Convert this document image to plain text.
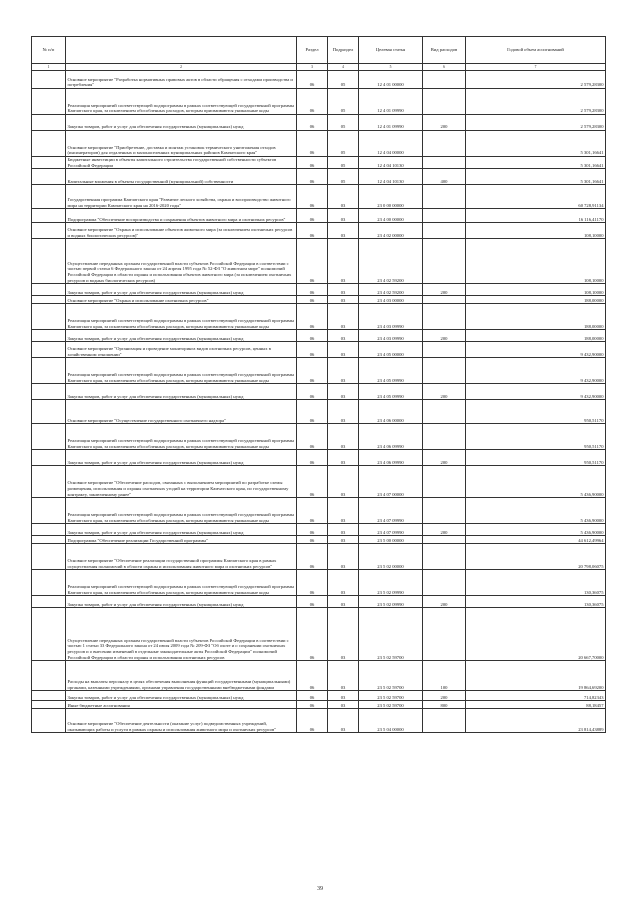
№ п/п		Раздел	Подраздел	Целевая статья	Вид расходов	Годовой объем ассигнований
1	2	3	4	5	6	7
	Основное мероприятие "Разработка нормативных правовых актов в области обращения с отходами производства и потребления"	06	05	12 4 01 00000		2 579,28300
	Реализация мероприятий соответствующей подпрограммы в рамках соответствующей государственной программы Камчатского края, за исключением обособленных расходов, которым присваиваются уникальные коды	06	05	12 4 01 09990		2 579,28300
	Закупка товаров, работ и услуг для обеспечения государственных (муниципальных) нужд	06	05	12 4 01 09990	200	2 579,28300
	Основное мероприятие "Приобретение, доставка и монтаж установок термического уничтожения отходов (инсинераторов) для отдаленных и малонаселенных муниципальных районов Камчатского края"	06	05	12 4 04 00000		5 301,16641
	Бюджетные инвестиции в объекты капитального строительства государственной собственности субъектов Российской Федерации	06	05	12 4 04 10130		5 301,16641
	Капитальные вложения в объекты государственной (муниципальной) собственности	06	05	12 4 04 10130	400	5 301,16641
	Государственная программа Камчатского края "Развитие лесного хозяйства, охрана и воспроизводство животного мира на территории Камчатского края на 2016-2020 годы"	06	03	23 0 00 00000		60 728,91134
	Подпрограмма "Обеспечение воспроизводства и сохранения объектов животного мира и охотничьих ресурсов"	06	03	23 4 00 00000		16 116,41170
	Основное мероприятие "Охрана и использование объектов животного мира (за исключением охотничьих ресурсов и водных биологических ресурсов)"	06	03	23 4 02 00000		108,10000
	Осуществление переданных органам государственной власти субъектов Российской Федерации в соответствии с частью первой статьи 6 Федерального закона от 24 апреля 1995 года № 52-ФЗ "О животном мире" полномочий Российской Федерации в области охраны и использования объектов животного мира (за исключением охотничьих ресурсов и водных биологических ресурсов)	06	03	23 4 02 59200		108,10000
	Закупка товаров, работ и услуг для обеспечения государственных (муниципальных) нужд	06	03	23 4 02 59200	200	108,10000
	Основное мероприятие "Охрана и использование охотничьих ресурсов"	06	03	23 4 03 00000		188,00000
	Реализация мероприятий соответствующей подпрограммы в рамках соответствующей государственной программы Камчатского края, за исключением обособленных расходов, которым присваиваются уникальные коды	06	03	23 4 03 09990		188,00000
	Закупка товаров, работ и услуг для обеспечения государственных (муниципальных) нужд	06	03	23 4 03 09990	200	188,00000
	Основное мероприятие "Организация и проведение мониторинга видов охотничьих ресурсов, ценных в хозяйственном отношении"	06	03	23 4 05 00000		9 432,90000
	Реализация мероприятий соответствующей подпрограммы в рамках соответствующей государственной программы Камчатского края, за исключением обособленных расходов, которым присваиваются уникальные коды	06	03	23 4 05 09990		9 432,90000
	Закупка товаров, работ и услуг для обеспечения государственных (муниципальных) нужд	06	03	23 4 05 09990	200	9 432,90000
	Основное мероприятие "Осуществление государственного охотничьего надзора"	06	03	23 4 06 00000		950,51170
	Реализация мероприятий соответствующей подпрограммы в рамках соответствующей государственной программы Камчатского края, за исключением обособленных расходов, которым присваиваются уникальные коды	06	03	23 4 06 09990		950,51170
	Закупка товаров, работ и услуг для обеспечения государственных (муниципальных) нужд	06	03	23 4 06 09990	200	950,51170
	Основное мероприятие "Обеспечение расходов, связанных с выполнением мероприятий по разработке схемы размещения, использования и охраны охотничьих угодий на территории Камчатского края, по государственному контракту, заключенному ранее"	06	03	23 4 07 00000		5 436,90000
	Реализация мероприятий соответствующей подпрограммы в рамках соответствующей государственной программы Камчатского края, за исключением обособленных расходов, которым присваиваются уникальные коды	06	03	23 4 07 09990		5 436,90000
	Закупка товаров, работ и услуг для обеспечения государственных (муниципальных) нужд	06	03	23 4 07 09990	200	5 436,90000
	Подпрограмма "Обеспечение реализации Государственной программы"	06	03	23 5 00 00000		44 612,49964
	Основное мероприятие "Обеспечение реализации государственной программы Камчатского края в рамках осуществления полномочий в области охраны и использования животного мира и охотничьих ресурсов"	06	03	23 5 02 00000		20 798,06075
	Реализация мероприятий соответствующей подпрограммы в рамках соответствующей государственной программы Камчатского края, за исключением обособленных расходов, которым присваиваются уникальные коды	06	03	23 5 02 09990		130,36075
	Закупка товаров, работ и услуг для обеспечения государственных (муниципальных) нужд	06	03	23 5 02 09990	200	130,36075
	Осуществление переданных органам государственной власти субъектов Российской Федерации в соответствии с частью 1 статьи 33 Федерального закона от 24 июля 2009 года № 209-ФЗ "Об охоте и о сохранении охотничьих ресурсов и о внесении изменений в отдельные законодательные акты Российской Федерации" полномочий Российской Федерации в области охраны и использования охотничьих ресурсов	06	03	23 5 02 59700		20 667,70000
	Расходы на выплаты персоналу в целях обеспечения выполнения функций государственными (муниципальными) органами, казенными учреждениями, органами управления государственными внебюджетными фондами	06	03	23 5 02 59700	100	19 864,69200
	Закупка товаров, работ и услуг для обеспечения государственных (муниципальных) нужд	06	03	23 5 02 59700	200	714,82343
	Иные бюджетные ассигнования	06	03	23 5 02 59700	800	88,18457
	Основное мероприятие "Обеспечение деятельности (оказание услуг) подведомственных учреждений, оказывающих работы и услуги в рамках охраны и использования животного мира и охотничьих ресурсов"	06	03	23 5 04 00000		23 814,43889
39
